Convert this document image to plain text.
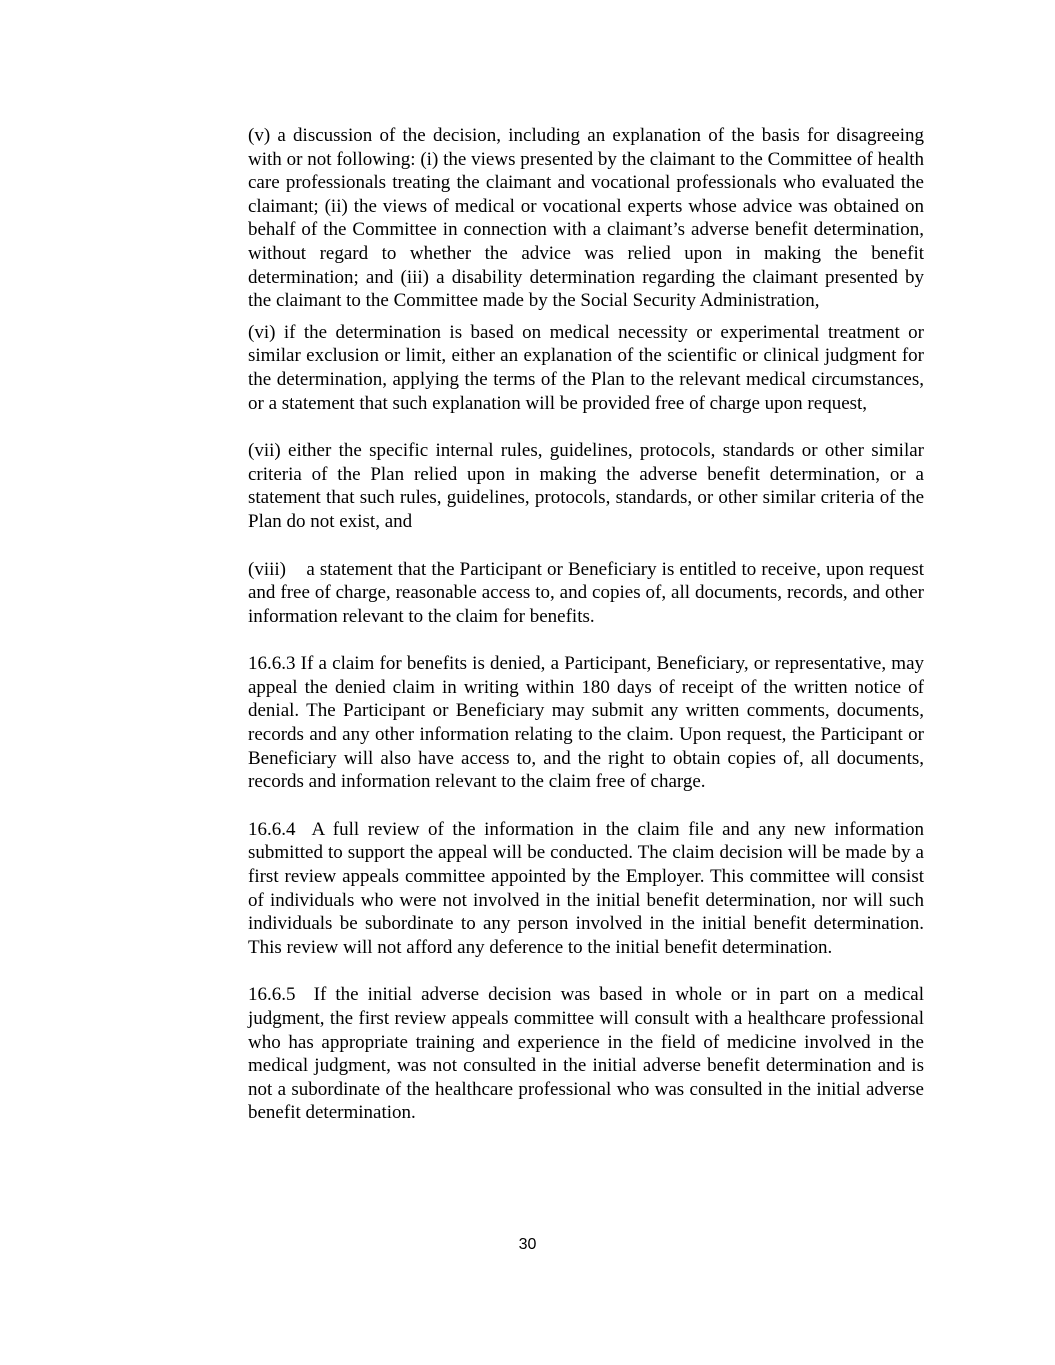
(v) a discussion of the decision, including an explanation of the basis for disagreeing with or not following: (i) the views presented by the claimant to the Committee of health care professionals treating the claimant and vocational professionals who evaluated the claimant; (ii) the views of medical or vocational experts whose advice was obtained on behalf of the Committee in connection with a claimant’s adverse benefit determination, without regard to whether the advice was relied upon in making the benefit determination; and (iii) a disability determination regarding the claimant presented by the claimant to the Committee made by the Social Security Administration,

(vi) if the determination is based on medical necessity or experimental treatment or similar exclusion or limit, either an explanation of the scientific or clinical judgment for the determination, applying the terms of the Plan to the relevant medical circumstances, or a statement that such explanation will be provided free of charge upon request,

(vii) either the specific internal rules, guidelines, protocols, standards or other similar criteria of the Plan relied upon in making the adverse benefit determination, or a statement that such rules, guidelines, protocols, standards, or other similar criteria of the Plan do not exist, and

(viii)    a statement that the Participant or Beneficiary is entitled to receive, upon request and free of charge, reasonable access to, and copies of, all documents, records, and other information relevant to the claim for benefits.

16.6.3 If a claim for benefits is denied, a Participant, Beneficiary, or representative, may appeal the denied claim in writing within 180 days of receipt of the written notice of denial. The Participant or Beneficiary may submit any written comments, documents, records and any other information relating to the claim. Upon request, the Participant or Beneficiary will also have access to, and the right to obtain copies of, all documents, records and information relevant to the claim free of charge.

16.6.4  A full review of the information in the claim file and any new information submitted to support the appeal will be conducted. The claim decision will be made by a first review appeals committee appointed by the Employer. This committee will consist of individuals who were not involved in the initial benefit determination, nor will such individuals be subordinate to any person involved in the initial benefit determination. This review will not afford any deference to the initial benefit determination.

16.6.5  If the initial adverse decision was based in whole or in part on a medical judgment, the first review appeals committee will consult with a healthcare professional who has appropriate training and experience in the field of medicine involved in the medical judgment, was not consulted in the initial adverse benefit determination and is not a subordinate of the healthcare professional who was consulted in the initial adverse benefit determination.

30
